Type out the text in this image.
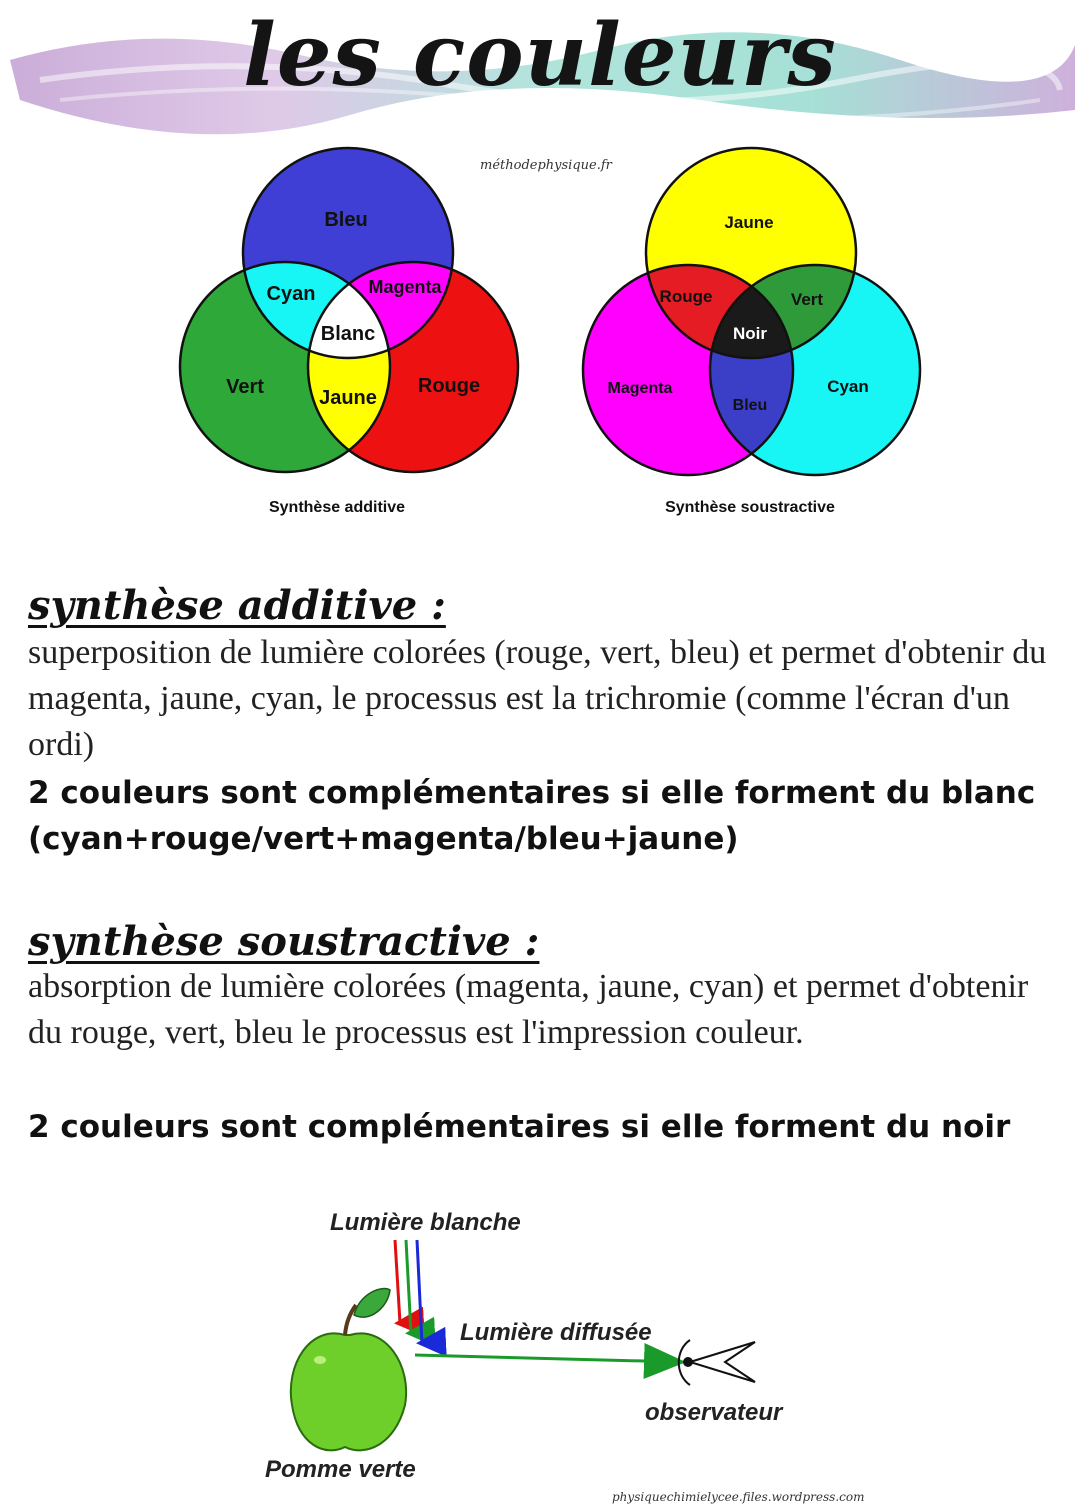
les couleurs
méthodephysique.fr
Bleu
Cyan	Magenta
Blanc
Vert	Jaune
Rouge
Synthèse additive
Jaune
Rouge	Vert
Noir
Magenta
Bleu
Cyan
Synthèse soustractive
synthèse additive :
superposition de lumière colorées (rouge, vert, bleu) et permet d'obtenir du magenta, jaune, cyan, le processus est la trichromie (comme l'écran d'un ordi)
2 couleurs sont complémentaires si elle forment du blanc (cyan+rouge/vert+magenta/bleu+jaune)
synthèse soustractive :
absorption de lumière colorées (magenta, jaune, cyan) et permet d'obtenir du rouge, vert, bleu le processus est l'impression couleur.
2 couleurs sont complémentaires si elle forment du noir
Lumière blanche
Lumière diffusée
observateur
Pomme verte
physiquechimielycee.files.wordpress.com
